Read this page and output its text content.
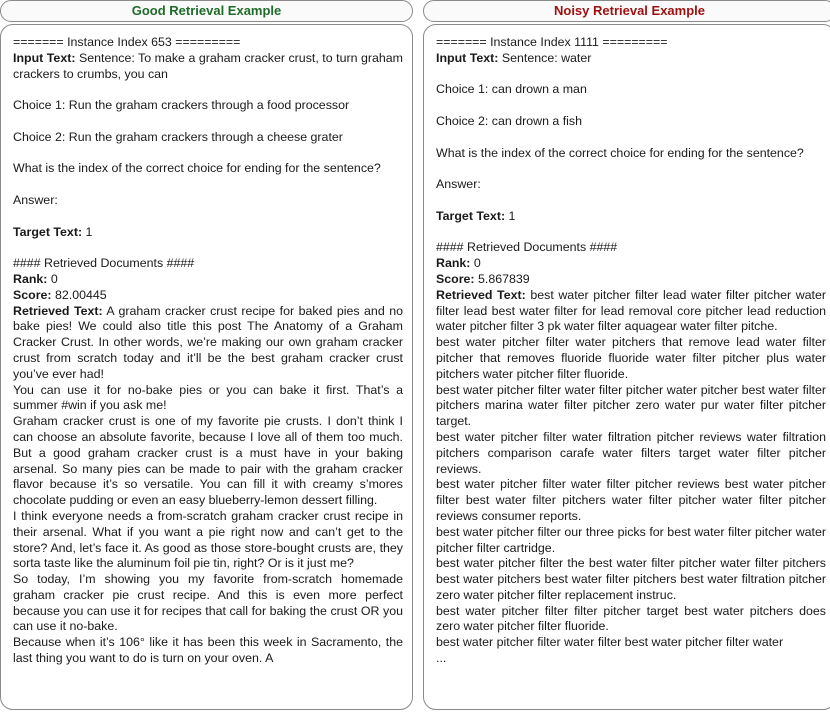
Good Retrieval Example
======= Instance Index 653 =========
Input Text: Sentence: To make a graham cracker crust, to turn graham crackers to crumbs, you can
Choice 1: Run the graham crackers through a food processor
Choice 2: Run the graham crackers through a cheese grater
What is the index of the correct choice for ending for the sentence?
Answer:
Target Text: 1
#### Retrieved Documents ####
Rank: 0
Score: 82.00445
Retrieved Text: A graham cracker crust recipe for baked pies and no bake pies! We could also title this post The Anatomy of a Graham Cracker Crust. In other words, we’re making our own graham cracker crust from scratch today and it’ll be the best graham cracker crust you’ve ever had!
You can use it for no-bake pies or you can bake it first. That’s a summer #win if you ask me!
Graham cracker crust is one of my favorite pie crusts. I don’t think I can choose an absolute favorite, because I love all of them too much. But a good graham cracker crust is a must have in your baking arsenal. So many pies can be made to pair with the graham cracker flavor because it’s so versatile. You can fill it with creamy s’mores chocolate pudding or even an easy blueberry-lemon dessert filling.
I think everyone needs a from-scratch graham cracker crust recipe in their arsenal. What if you want a pie right now and can’t get to the store? And, let’s face it. As good as those store-bought crusts are, they sorta taste like the aluminum foil pie tin, right? Or is it just me?
So today, I’m showing you my favorite from-scratch homemade graham cracker pie crust recipe. And this is even more perfect because you can use it for recipes that call for baking the crust OR you can use it no-bake.
Because when it’s 106° like it has been this week in Sacramento, the last thing you want to do is turn on your oven. A
Noisy Retrieval Example
======= Instance Index 1111 =========
Input Text: Sentence: water
Choice 1: can drown a man
Choice 2: can drown a fish
What is the index of the correct choice for ending for the sentence?
Answer:
Target Text: 1
#### Retrieved Documents ####
Rank: 0
Score: 5.867839
Retrieved Text: best water pitcher filter lead water filter pitcher water filter lead best water filter for lead removal core pitcher lead reduction water pitcher filter 3 pk water filter aquagear water filter pitche.
best water pitcher filter water pitchers that remove lead water filter pitcher that removes fluoride fluoride water filter pitcher plus water pitchers water pitcher filter fluoride.
best water pitcher filter water filter pitcher water pitcher best water filter pitchers marina water filter pitcher zero water pur water filter pitcher target.
best water pitcher filter water filtration pitcher reviews water filtration pitchers comparison carafe water filters target water filter pitcher reviews.
best water pitcher filter water filter pitcher reviews best water pitcher filter best water filter pitchers water filter pitcher water filter pitcher reviews consumer reports.
best water pitcher filter our three picks for best water filter pitcher water pitcher filter cartridge.
best water pitcher filter the best water filter pitcher water filter pitchers best water pitchers best water filter pitchers best water filtration pitcher zero water pitcher filter replacement instruc.
best water pitcher filter filter pitcher target best water pitchers does zero water pitcher filter fluoride.
best water pitcher filter water filter best water pitcher filter water
...
